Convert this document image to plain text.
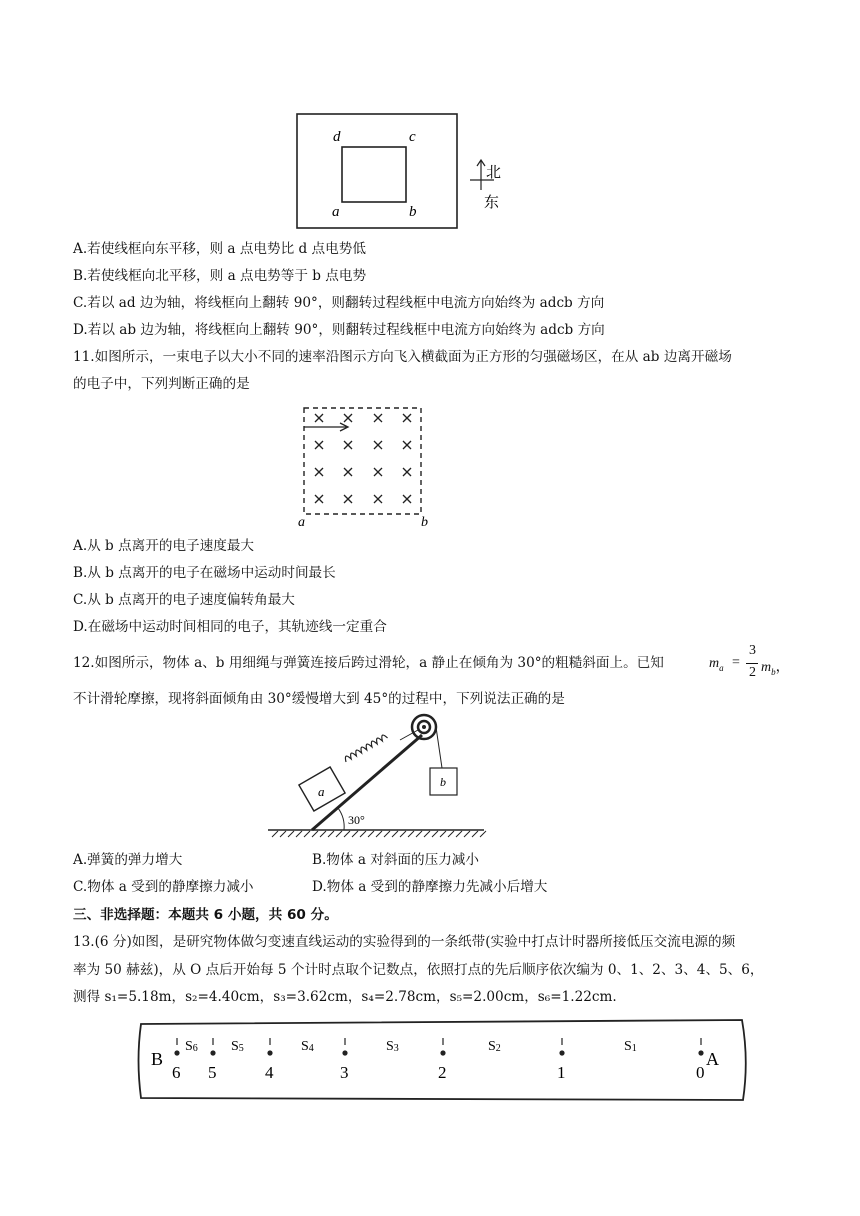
d	c
a	b
北
东
A.若使线框向东平移，则 a 点电势比 d 点电势低
B.若使线框向北平移，则 a 点电势等于 b 点电势
C.若以 ad 边为轴，将线框向上翻转 90°，则翻转过程线框中电流方向始终为 adcb 方向
D.若以 ab 边为轴，将线框向上翻转 90°，则翻转过程线框中电流方向始终为 adcb 方向
11.如图所示，一束电子以大小不同的速率沿图示方向飞入横截面为正方形的匀强磁场区，在从 ab 边离开磁场
的电子中，下列判断正确的是
a	b
A.从 b 点离开的电子速度最大
B.从 b 点离开的电子在磁场中运动时间最长
C.从 b 点离开的电子速度偏转角最大
D.在磁场中运动时间相同的电子，其轨迹线一定重合
12.如图所示，物体 a、b 用细绳与弹簧连接后跨过滑轮，a 静止在倾角为 30°的粗糙斜面上。已知	$m_a$ =
3
2 $m_b$，
不计滑轮摩擦，现将斜面倾角由 30°缓慢增大到 45°的过程中，下列说法正确的是
30°
a
b
A.弹簧的弹力增大	B.物体 a 对斜面的压力减小
C.物体 a 受到的静摩擦力减小	D.物体 a 受到的静摩擦力先减小后增大
三、非选择题：本题共 6 小题，共 60 分。
13.(6 分)如图，是研究物体做匀变速直线运动的实验得到的一条纸带(实验中打点计时器所接低压交流电源的频
率为 50 赫兹)，从 O 点后开始每 5 个计时点取个记数点，依照打点的先后顺序依次编为 0、1、2、3、4、5、6，
测得 s₁=5.18m，s₂=4.40cm，s₃=3.62cm，s₄=2.78cm，s₅=2.00cm，s₆=1.22cm.
B	A
6 5	4	3	2	1	0
S6 S5	S4	S3	S2	S1
